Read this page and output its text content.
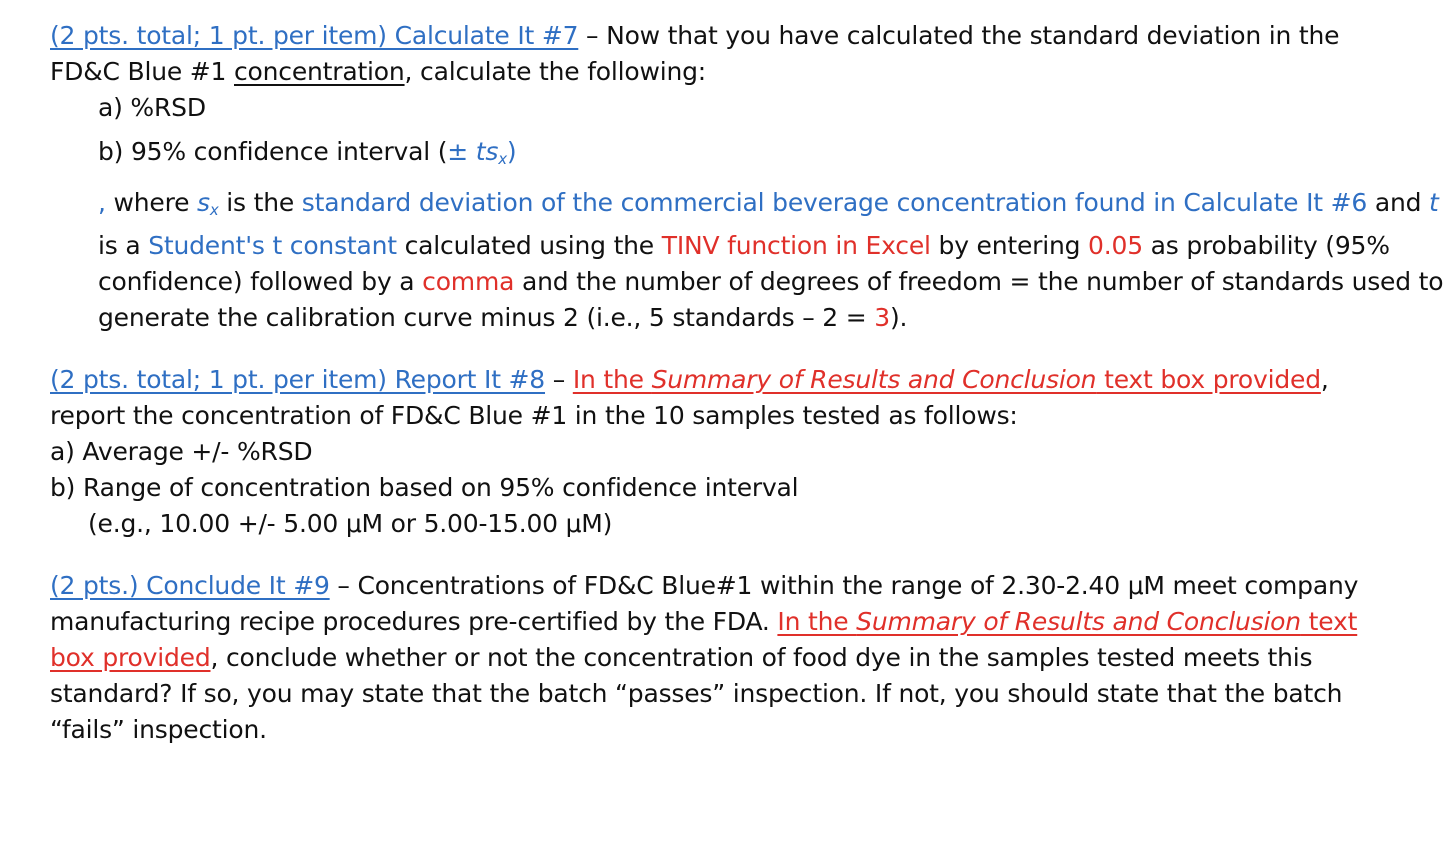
(2 pts. total; 1 pt. per item) Calculate It #7 – Now that you have calculated the standard deviation in the
FD&C Blue #1 concentration, calculate the following:
a) %RSD
b) 95% confidence interval (± $ts_x$)
, where $s_x$ is the standard deviation of the commercial beverage concentration found in Calculate It #6 and t
is a Student's t constant calculated using the TINV function in Excel by entering 0.05 as probability (95%
confidence) followed by a comma and the number of degrees of freedom = the number of standards used to
generate the calibration curve minus 2 (i.e., 5 standards – 2 = 3).
(2 pts. total; 1 pt. per item) Report It #8 – In the Summary of Results and Conclusion text box provided,
report the concentration of FD&C Blue #1 in the 10 samples tested as follows:
a) Average +/- %RSD
b) Range of concentration based on 95% confidence interval
(e.g., 10.00 +/- 5.00 μM or 5.00-15.00 μM)
(2 pts.) Conclude It #9 – Concentrations of FD&C Blue#1 within the range of 2.30-2.40 μM meet company
manufacturing recipe procedures pre-certified by the FDA. In the Summary of Results and Conclusion text
box provided, conclude whether or not the concentration of food dye in the samples tested meets this
standard? If so, you may state that the batch “passes” inspection. If not, you should state that the batch
“fails” inspection.
